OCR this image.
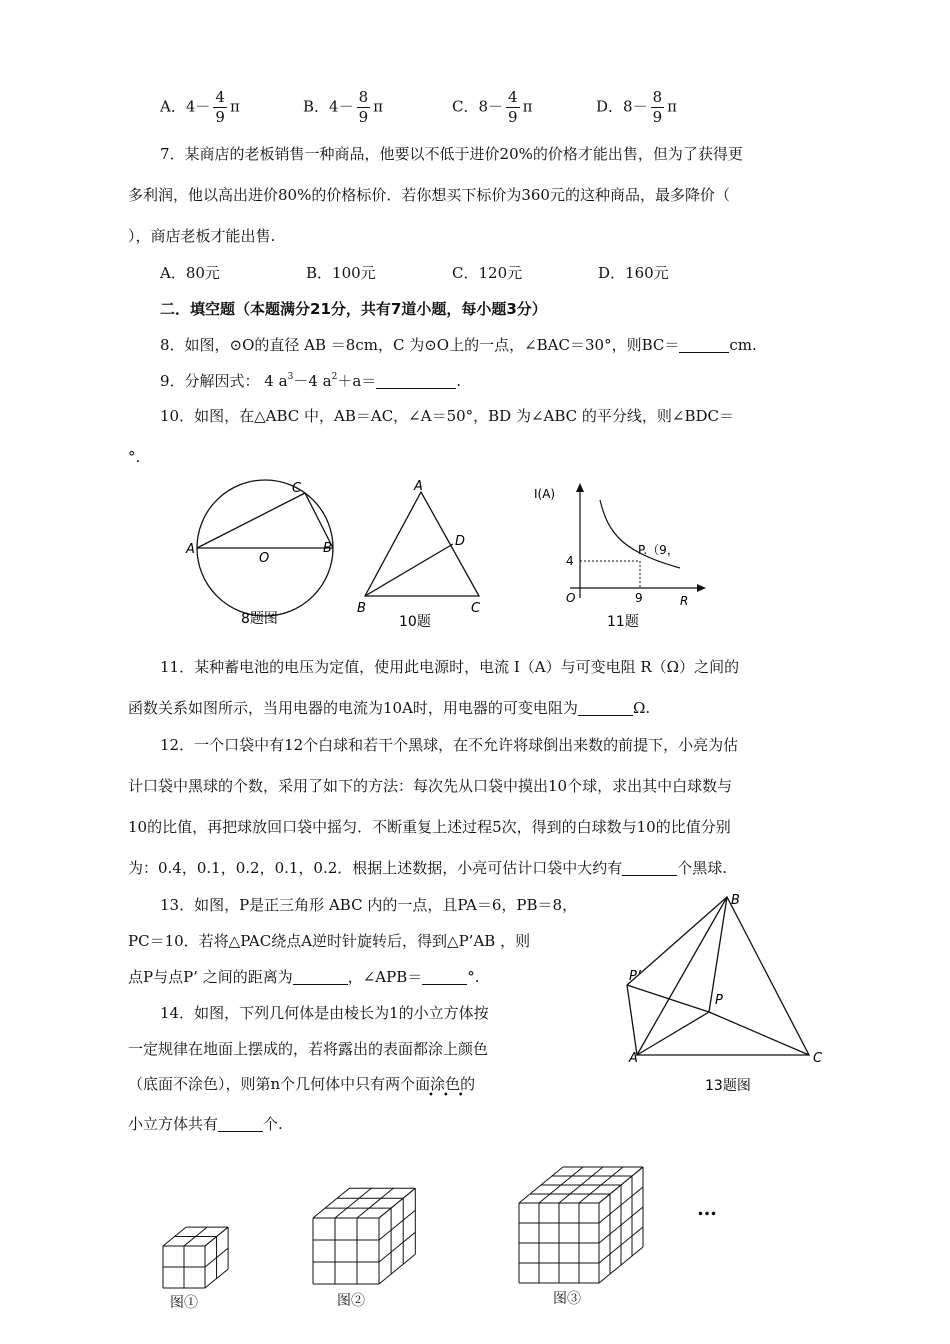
A．$4- \frac{4}{9}$ π	B．$4- \frac{8}{9}$ π	C．$8- \frac{4}{9}$ π	D．$8- \frac{8}{9}$ π
7．某商店的老板销售一种商品，他要以不低于进价20%的价格才能出售，但为了获得更
多利润，他以高出进价80%的价格标价．若你想买下标价为360元的这种商品，最多降价（
），商店老板才能出售.
A．80元	B．100元	C．120元	D．160元
二．填空题（本题满分21分，共有7道小题，每小题3分）
8．如图，⊙O的直径 AB ＝8cm，C 为⊙O上的一点，∠BAC＝30°，则BC＝	cm.
9．分解因式： 4 $a^3-4$ $a^2+a=$	.
10．如图，在△ABC 中，AB＝AC，∠A＝50°，BD 为∠ABC 的平分线，则∠BDC＝
°.
A	B
C
O
8题图
A
B	C
D
10题
I(A)
R
O
4
9
P.（9，
11题
11．某种蓄电池的电压为定值，使用此电源时，电流 I（A）与可变电阻 R（Ω）之间的
函数关系如图所示，当用电器的电流为10A时，用电器的可变电阻为	Ω.
12．一个口袋中有12个白球和若干个黑球，在不允许将球倒出来数的前提下，小亮为估
计口袋中黑球的个数，采用了如下的方法：每次先从口袋中摸出10个球，求出其中白球数与
10的比值，再把球放回口袋中摇匀．不断重复上述过程5次，得到的白球数与10的比值分别
为：0.4，0.1，0.2，0.1，0.2．根据上述数据，小亮可估计口袋中大约有	个黑球.
13．如图，P是正三角形 ABC 内的一点，且PA＝6，PB＝8，
PC＝10．若将△PAC绕点A逆时针旋转后，得到△P’AB ，则
点P与点P’ 之间的距离为	，∠APB＝	°.
B
A	C
P
P’
13题图
14．如图，下列几何体是由棱长为1的小立方体按
一定规律在地面上摆成的，若将露出的表面都涂上颜色
（底面不涂色），则第n个几何体中只有两个面涂色的
•••
小立方体共有	个.
图①	图②	图③
…
